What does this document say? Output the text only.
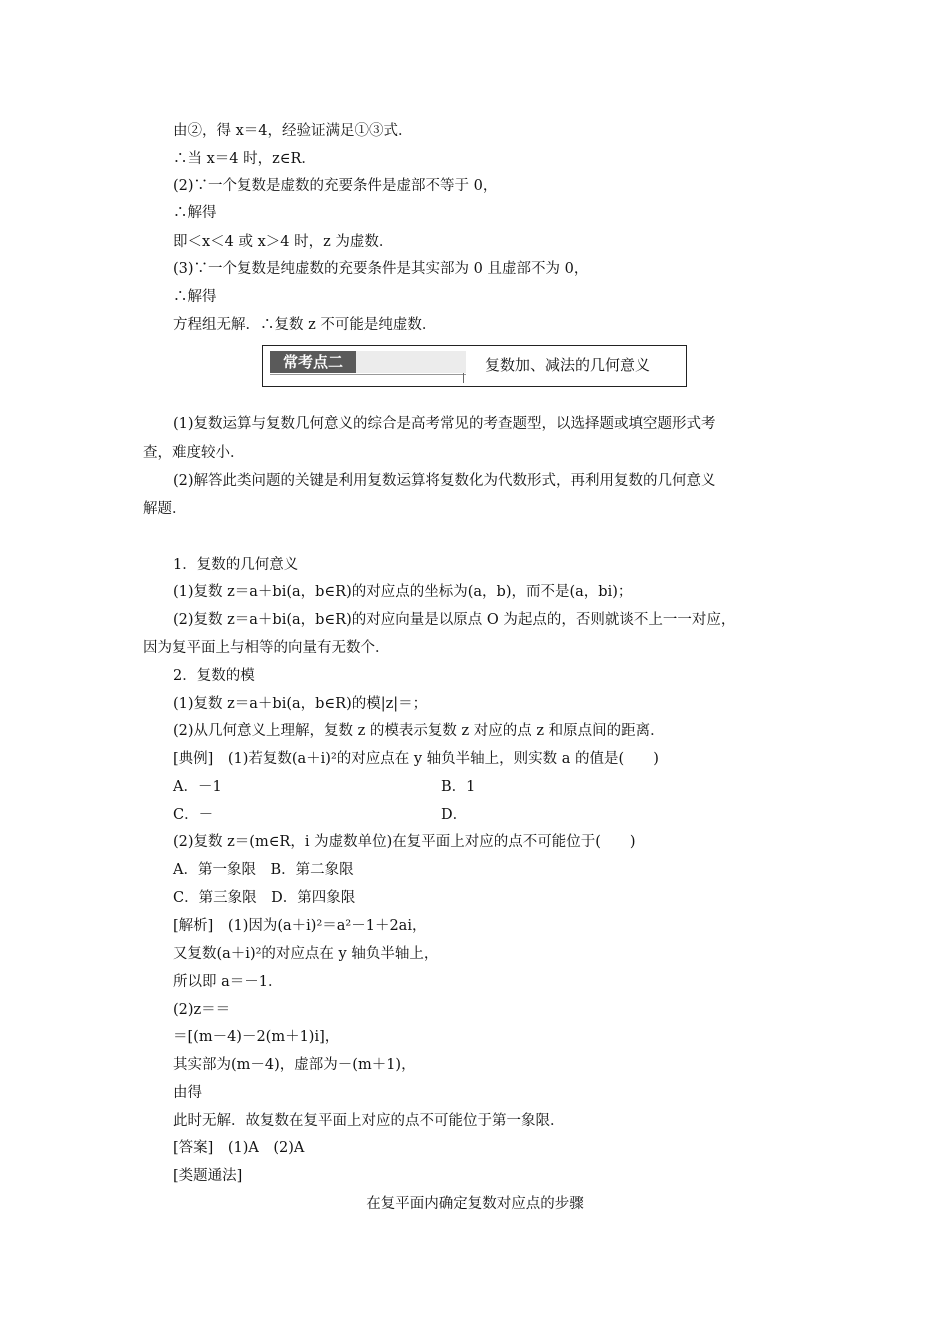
由②，得 x＝4，经验证满足①③式．
∴当 x＝4 时，z∈R．
(2)∵一个复数是虚数的充要条件是虚部不等于 0，
∴解得
即＜x＜4 或 x＞4 时，z 为虚数．
(3)∵一个复数是纯虚数的充要条件是其实部为 0 且虚部不为 0，
∴解得
方程组无解．∴复数 z 不可能是纯虚数．
常考点二	复数加、减法的几何意义
(1)复数运算与复数几何意义的综合是高考常见的考查题型，以选择题或填空题形式考
查，难度较小．
(2)解答此类问题的关键是利用复数运算将复数化为代数形式，再利用复数的几何意义
解题．
1．复数的几何意义
(1)复数 z＝a＋bi(a，b∈R)的对应点的坐标为(a，b)，而不是(a，bi)；
(2)复数 z＝a＋bi(a，b∈R)的对应向量是以原点 O 为起点的，否则就谈不上一一对应，
因为复平面上与相等的向量有无数个．
2．复数的模
(1)复数 z＝a＋bi(a，b∈R)的模|z|＝；
(2)从几何意义上理解，复数 z 的模表示复数 z 对应的点 z 和原点间的距离．
[典例]　(1)若复数(a＋i)²的对应点在 y 轴负半轴上，则实数 a 的值是(　　)
A．－1	B．1
C．－	D．
(2)复数 z＝(m∈R，i 为虚数单位)在复平面上对应的点不可能位于(　　)
A．第一象限　B．第二象限
C．第三象限　D．第四象限
[解析]　(1)因为(a＋i)²＝a²－1＋2ai，
又复数(a＋i)²的对应点在 y 轴负半轴上，
所以即 a＝－1．
(2)z＝＝
＝[(m－4)－2(m＋1)i]，
其实部为(m－4)，虚部为－(m＋1)，
由得
此时无解．故复数在复平面上对应的点不可能位于第一象限．
[答案]　(1)A　(2)A
[类题通法]
在复平面内确定复数对应点的步骤
